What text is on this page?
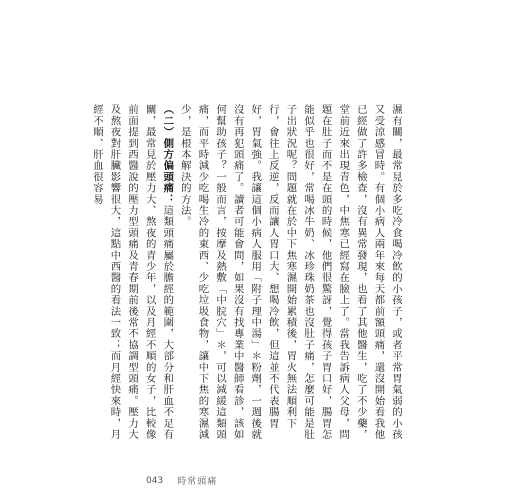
濕有關，最常見於多吃冷食喝冷飲的小孩子，或者平常胃氣弱的小孩又受涼感冒時。有個小病人兩年來每天都前額頭痛，還沒開始看我他已經做了許多檢查，沒有異常發現，也看了其他醫生，吃了不少藥，堂前近來出現青色，中焦寒已經寫在臉上了。當我告訴病人父母，問題在肚子而不是在頭的時候，他們很驚訝，覺得孩子胃口好，腸胃怎能似乎也很好，常喝冰牛奶、冰珍珠奶茶也沒肚子痛，怎麼可能是肚子出狀況呢？問題就在於中下焦寒濕開始累積後，胃火無法順利下行，會往上反逆，反而讓人胃口大、想喝冷飲，但這並不代表腸胃好，胃氣強。我讓這個小病人服用「附子理中湯」＊粉劑，一週後就沒有再犯頭痛了。讀者可能會問，如果沒有找專業中醫師看診，該如何幫助孩子？一般而言，按摩及熱敷「中脘穴」＊，可以減緩這類頭痛，而平時減少吃喝生冷的東西、少吃垃圾食物，讓中下焦的寒濕減少，是根本解決的方法。

（二）側方偏頭痛：這類頭痛屬於膽經的範圍，大部分和肝血不足有關，最常見於壓力大、熬夜的青少年，以及月經不順的女子，比較像前面提到西醫說的壓力型頭痛及青春期前後常不協調型頭痛。壓力大及熬夜對肝臟影響很大，這點中西醫的看法一致；而月經快來時，月經不順、肝血很容易

043 時常頭痛
